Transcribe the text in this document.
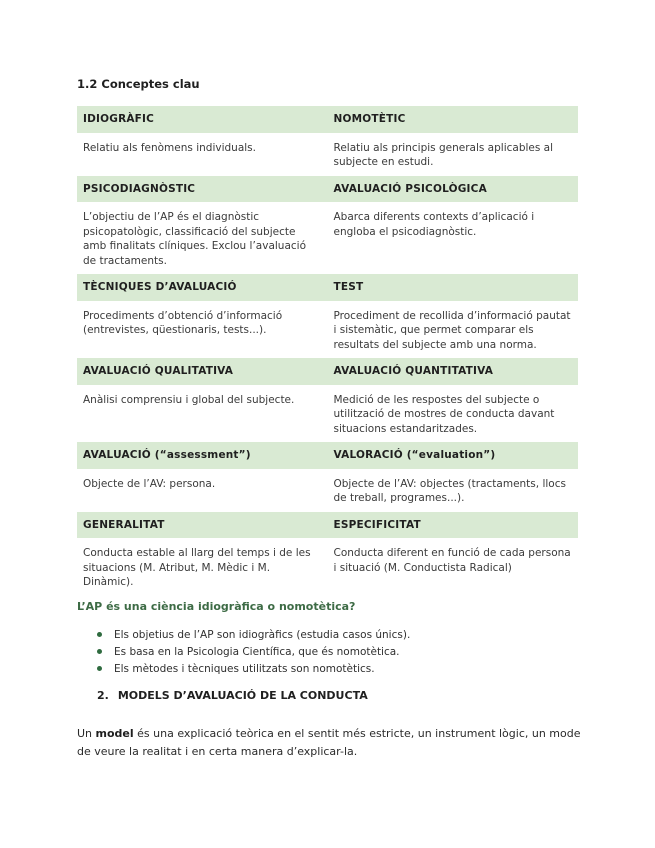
1.2 Conceptes clau
IDIOGRÀFIC	NOMOTÈTIC
Relatiu als fenòmens individuals.	Relatiu als principis generals aplicables al subjecte en estudi.
PSICODIAGNÒSTIC	AVALUACIÓ PSICOLÒGICA
L’objectiu de l’AP és el diagnòstic psicopatològic, classificació del subjecte amb finalitats clíniques. Exclou l’avaluació de tractaments.	Abarca diferents contexts d’aplicació i engloba el psicodiagnòstic.
TÈCNIQUES D’AVALUACIÓ	TEST
Procediments d’obtenció d’informació (entrevistes, qüestionaris, tests...).	Procediment de recollida d’informació pautat i sistemàtic, que permet comparar els resultats del subjecte amb una norma.
AVALUACIÓ QUALITATIVA	AVALUACIÓ QUANTITATIVA
Anàlisi comprensiu i global del subjecte.	Medició de les respostes del subjecte o utilització de mostres de conducta davant situacions estandaritzades.
AVALUACIÓ (“assessment”)	VALORACIÓ (“evaluation”)
Objecte de l’AV: persona.	Objecte de l’AV: objectes (tractaments, llocs de treball, programes...).
GENERALITAT	ESPECIFICITAT
Conducta estable al llarg del temps i de les situacions (M. Atribut, M. Mèdic i M. Dinàmic).	Conducta diferent en funció de cada persona i situació (M. Conductista Radical)
L’AP és una ciència idiogràfica o nomotètica?
Els objetius de l’AP son idiogràfics (estudia casos únics).
Es basa en la Psicologia Científica, que és nomotètica.
Els mètodes i tècniques utilitzats son nomotètics.
2. MODELS D’AVALUACIÓ DE LA CONDUCTA

Un model és una explicació teòrica en el sentit més estricte, un instrument lògic, un mode de veure la realitat i en certa manera d’explicar-la.
